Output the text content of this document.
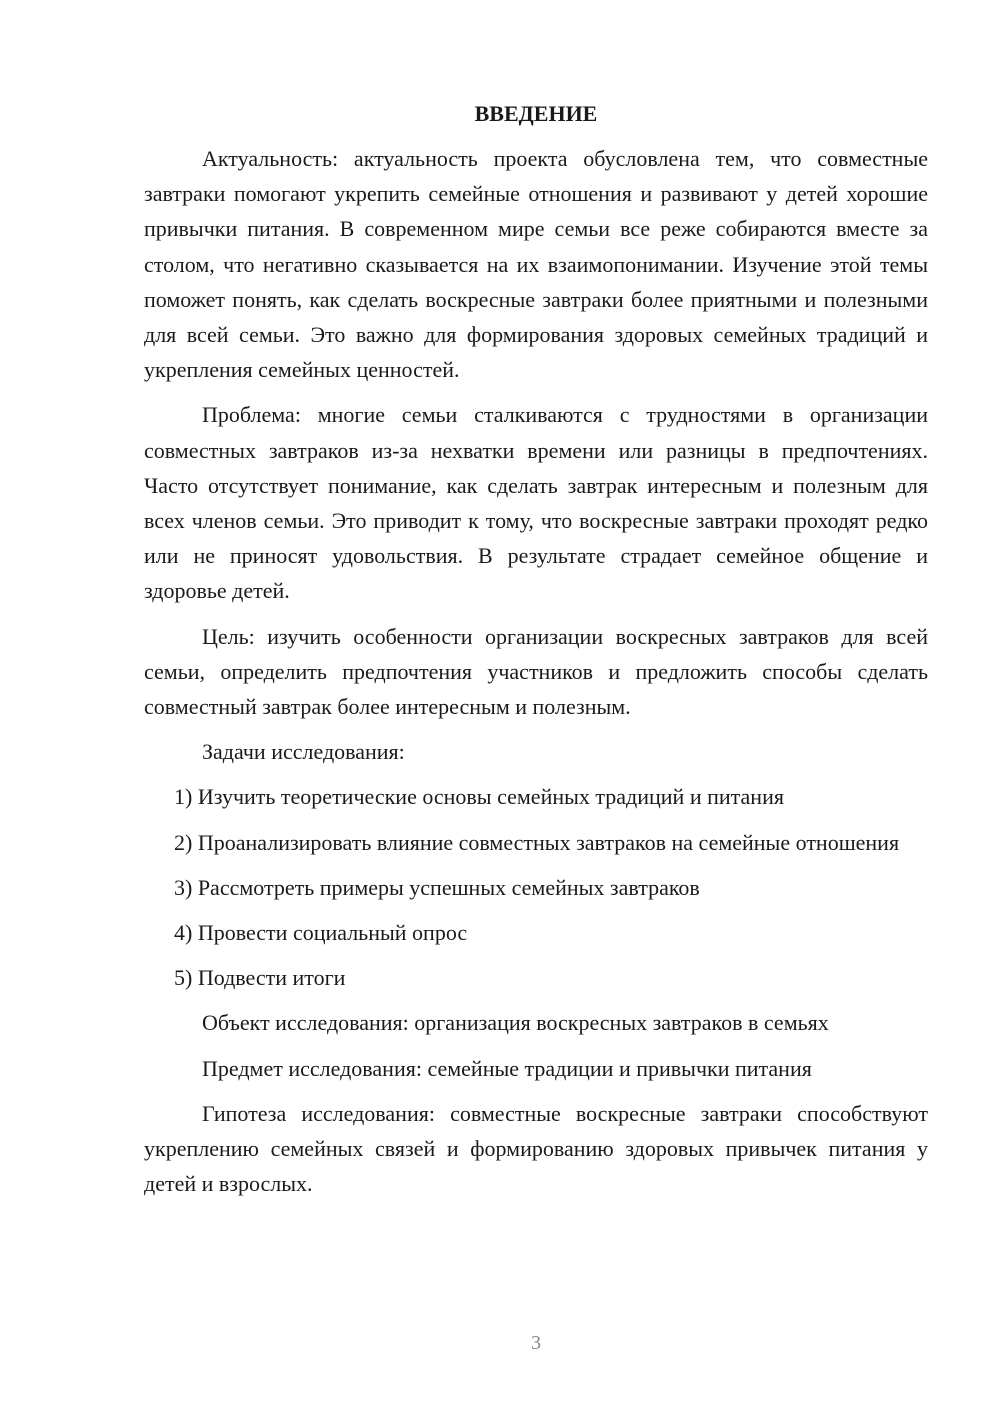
ВВЕДЕНИЕ

Актуальность: актуальность проекта обусловлена тем, что совместные завтраки помогают укрепить семейные отношения и развивают у детей хорошие привычки питания. В современном мире семьи все реже собираются вместе за столом, что негативно сказывается на их взаимопонимании. Изучение этой темы поможет понять, как сделать воскресные завтраки более приятными и полезными для всей семьи. Это важно для формирования здоровых семейных традиций и укрепления семейных ценностей.

Проблема: многие семьи сталкиваются с трудностями в организации совместных завтраков из-за нехватки времени или разницы в предпочтениях. Часто отсутствует понимание, как сделать завтрак интересным и полезным для всех членов семьи. Это приводит к тому, что воскресные завтраки проходят редко или не приносят удовольствия. В результате страдает семейное общение и здоровье детей.

Цель: изучить особенности организации воскресных завтраков для всей семьи, определить предпочтения участников и предложить способы сделать совместный завтрак более интересным и полезным.

Задачи исследования:

1) Изучить теоретические основы семейных традиций и питания

2) Проанализировать влияние совместных завтраков на семейные отношения

3) Рассмотреть примеры успешных семейных завтраков

4) Провести социальный опрос

5) Подвести итоги

Объект исследования: организация воскресных завтраков в семьях

Предмет исследования: семейные традиции и привычки питания

Гипотеза исследования: совместные воскресные завтраки способствуют укреплению семейных связей и формированию здоровых привычек питания у детей и взрослых.

3
